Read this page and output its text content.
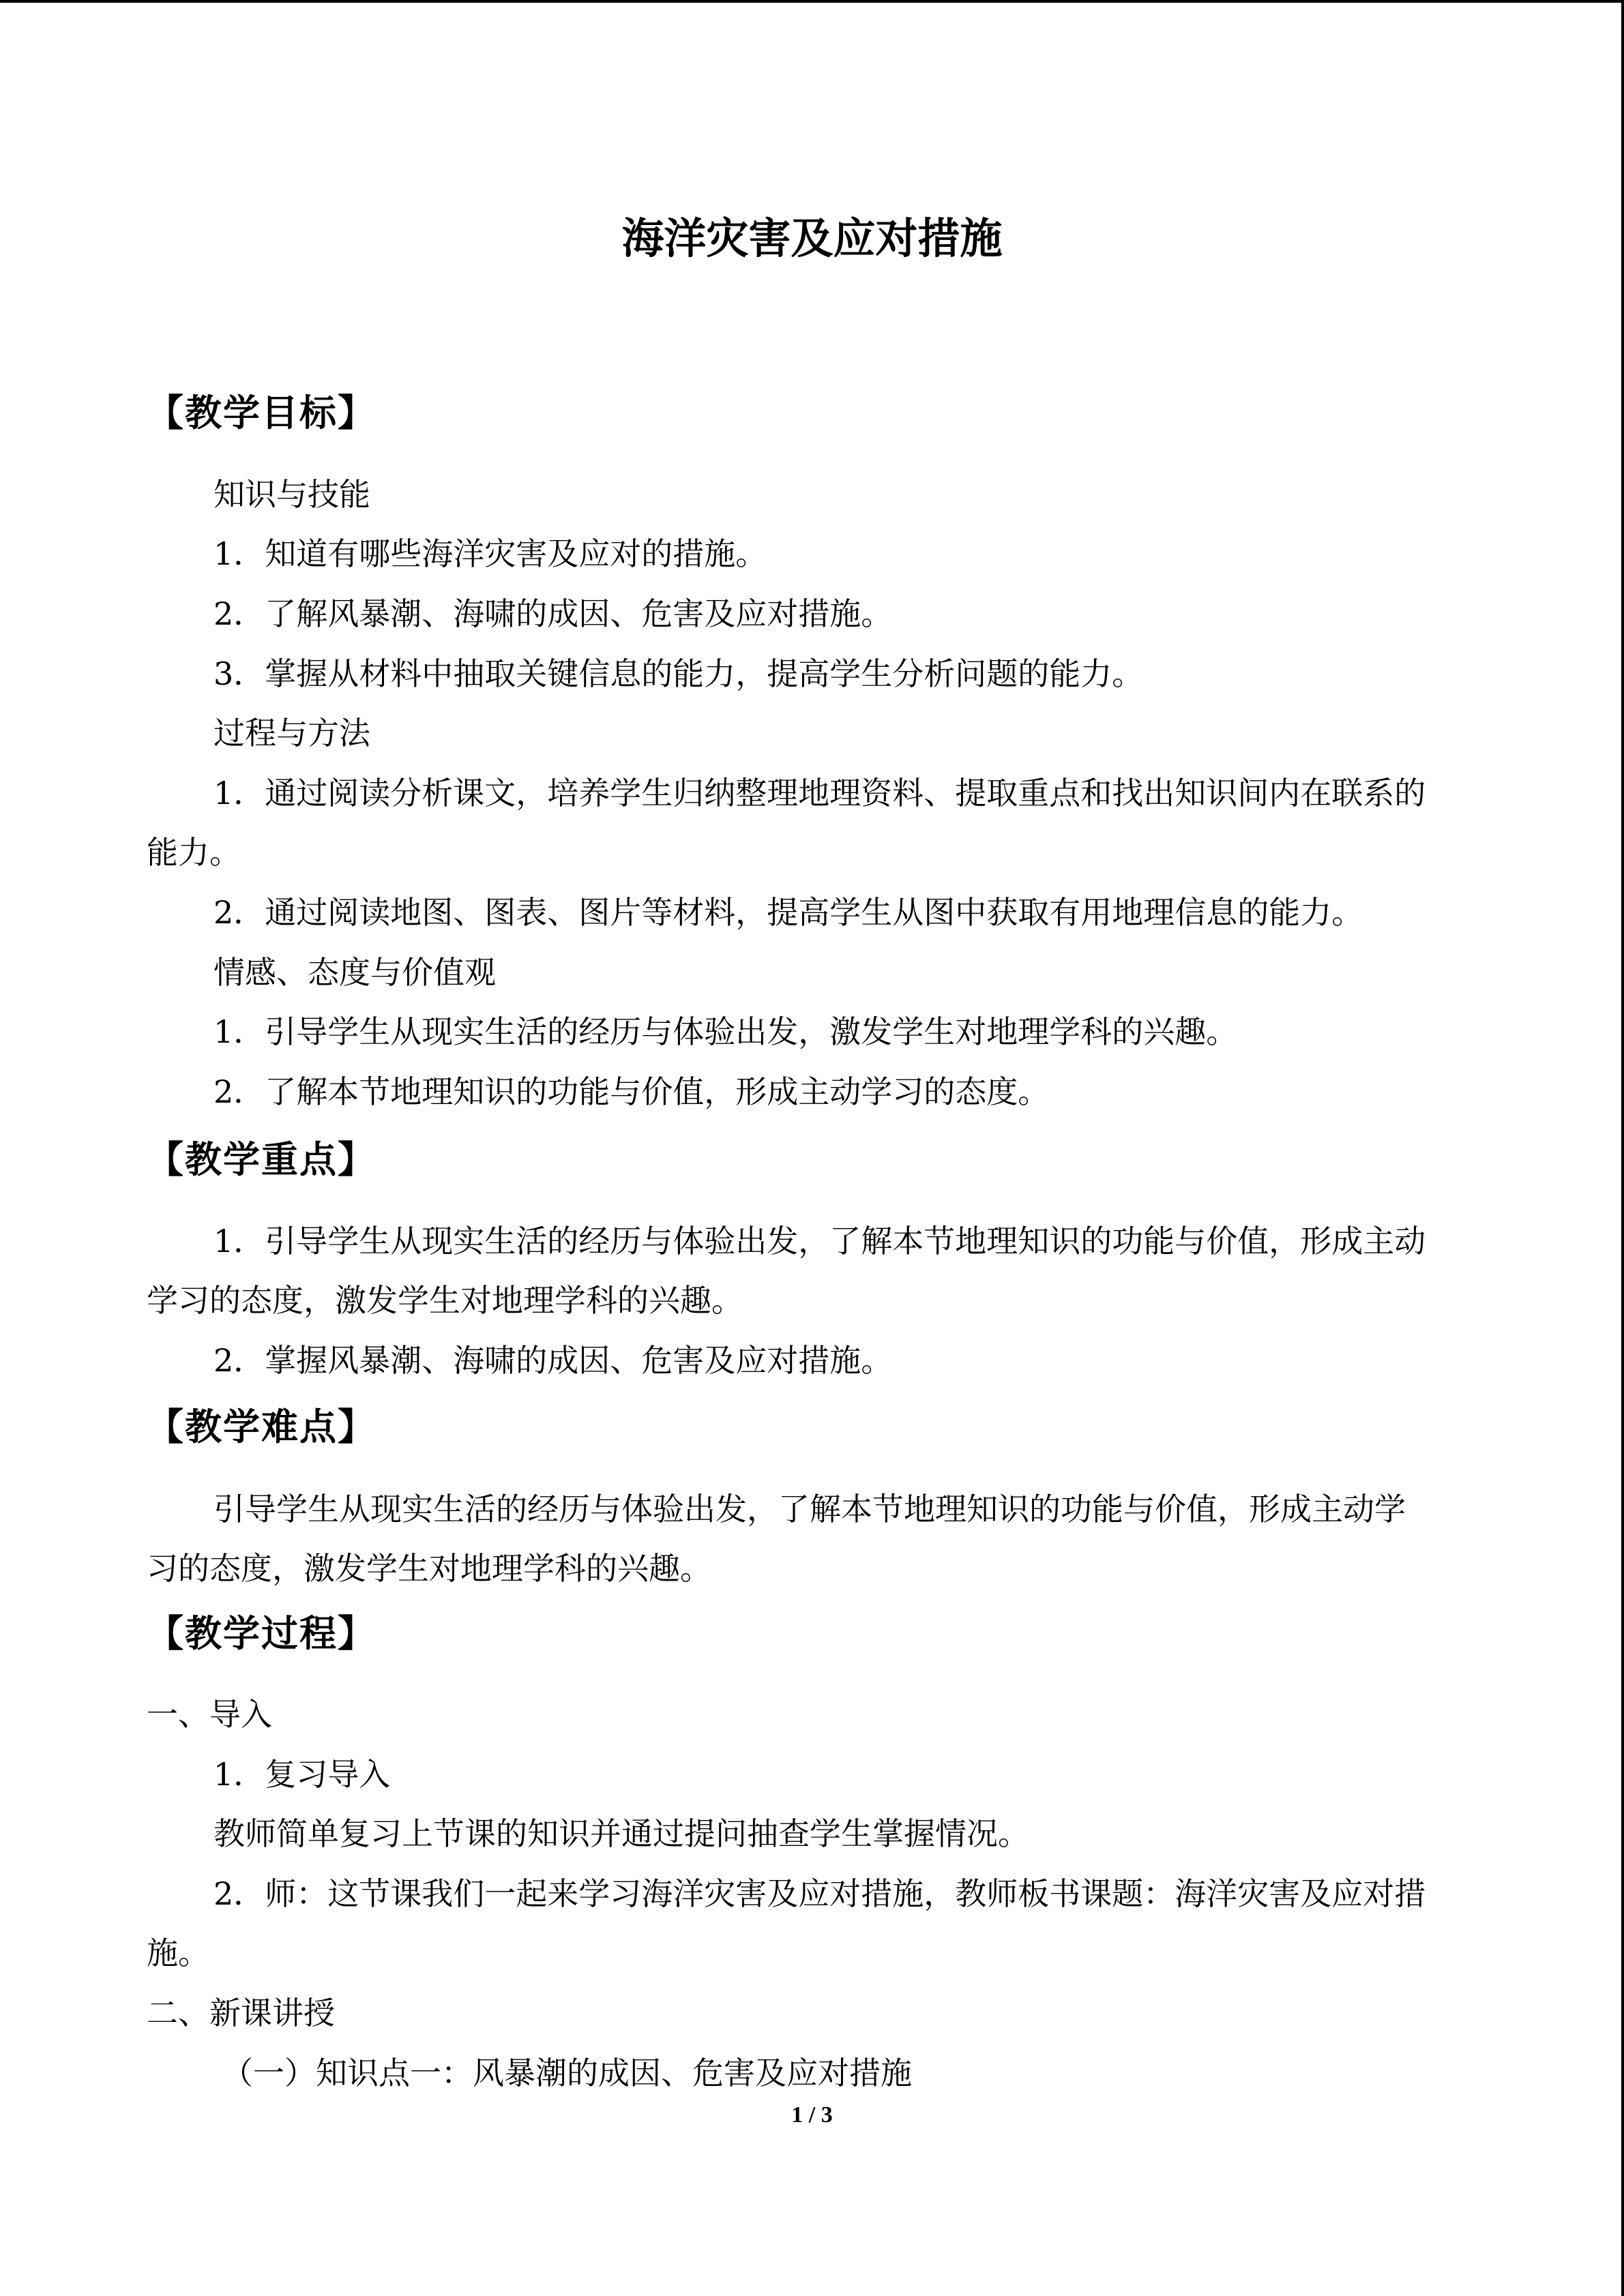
海洋灾害及应对措施
【教学目标】
知识与技能
1．知道有哪些海洋灾害及应对的措施。
2．了解风暴潮、海啸的成因、危害及应对措施。
3．掌握从材料中抽取关键信息的能力，提高学生分析问题的能力。
过程与方法
1．通过阅读分析课文，培养学生归纳整理地理资料、提取重点和找出知识间内在联系的
能力。
2．通过阅读地图、图表、图片等材料，提高学生从图中获取有用地理信息的能力。
情感、态度与价值观
1．引导学生从现实生活的经历与体验出发，激发学生对地理学科的兴趣。
2．了解本节地理知识的功能与价值，形成主动学习的态度。
【教学重点】
1．引导学生从现实生活的经历与体验出发，了解本节地理知识的功能与价值，形成主动
学习的态度，激发学生对地理学科的兴趣。
2．掌握风暴潮、海啸的成因、危害及应对措施。
【教学难点】
引导学生从现实生活的经历与体验出发，了解本节地理知识的功能与价值，形成主动学
习的态度，激发学生对地理学科的兴趣。
【教学过程】
一、导入
1．复习导入
教师简单复习上节课的知识并通过提问抽查学生掌握情况。
2．师：这节课我们一起来学习海洋灾害及应对措施，教师板书课题：海洋灾害及应对措
施。
二、新课讲授
（一）知识点一：风暴潮的成因、危害及应对措施
1 / 3
